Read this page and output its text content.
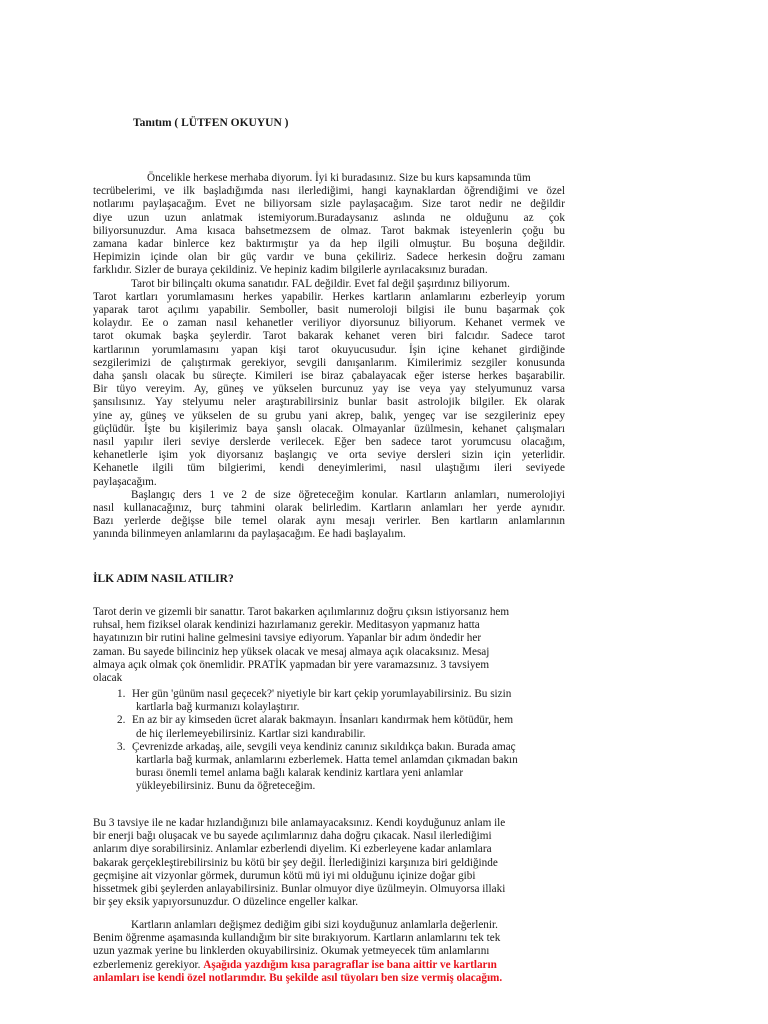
Tanıtım ( LÜTFEN OKUYUN )
Öncelikle herkese merhaba diyorum. İyi ki buradasınız. Size bu kurs kapsamında tüm
tecrübelerimi, ve ilk başladığımda nası ilerlediğimi, hangi kaynaklardan öğrendiğimi ve özel
notlarımı paylaşacağım. Evet ne biliyorsam sizle paylaşacağım. Size tarot nedir ne değildir
diye uzun uzun anlatmak istemiyorum.Buradaysanız aslında ne olduğunu az çok
biliyorsunuzdur. Ama kısaca bahsetmezsem de olmaz. Tarot bakmak isteyenlerin çoğu bu
zamana kadar binlerce kez baktırmıştır ya da hep ilgili olmuştur. Bu boşuna değildir.
Hepimizin içinde olan bir güç vardır ve buna çekiliriz. Sadece herkesin doğru zamanı
farklıdır. Sizler de buraya çekildiniz. Ve hepiniz kadim bilgilerle ayrılacaksınız buradan.
Tarot bir bilinçaltı okuma sanatıdır. FAL değildir. Evet fal değil şaşırdınız biliyorum.
Tarot kartları yorumlamasını herkes yapabilir. Herkes kartların anlamlarını ezberleyip yorum
yaparak tarot açılımı yapabilir. Semboller, basit numeroloji bilgisi ile bunu başarmak çok
kolaydır. Ee o zaman nasıl kehanetler veriliyor diyorsunuz biliyorum. Kehanet vermek ve
tarot okumak başka şeylerdir. Tarot bakarak kehanet veren biri falcıdır. Sadece tarot
kartlarının yorumlamasını yapan kişi tarot okuyucusudur. İşin içine kehanet girdiğinde
sezgilerimizi de çalıştırmak gerekiyor, sevgili danışanlarım. Kimilerimiz sezgiler konusunda
daha şanslı olacak bu süreçte. Kimileri ise biraz çabalayacak eğer isterse herkes başarabilir.
Bir tüyo vereyim. Ay, güneş ve yükselen burcunuz yay ise veya yay stelyumunuz varsa
şansılısınız. Yay stelyumu neler araştırabilirsiniz bunlar basit astrolojik bilgiler. Ek olarak
yine ay, güneş ve yükselen de su grubu yani akrep, balık, yengeç var ise sezgileriniz epey
güçlüdür. İşte bu kişilerimiz baya şanslı olacak. Olmayanlar üzülmesin, kehanet çalışmaları
nasıl yapılır ileri seviye derslerde verilecek. Eğer ben sadece tarot yorumcusu olacağım,
kehanetlerle işim yok diyorsanız başlangıç ve orta seviye dersleri sizin için yeterlidir.
Kehanetle ilgili tüm bilgierimi, kendi deneyimlerimi, nasıl ulaştığımı ileri seviyede
paylaşacağım.
Başlangıç ders 1 ve 2 de size öğreteceğim konular. Kartların anlamları, numerolojiyi
nasıl kullanacağınız, burç tahmini olarak belirledim. Kartların anlamları her yerde aynıdır.
Bazı yerlerde değişse bile temel olarak aynı mesajı verirler. Ben kartların anlamlarının
yanında bilinmeyen anlamlarını da paylaşacağım. Ee hadi başlayalım.
İLK ADIM NASIL ATILIR?
Tarot derin ve gizemli bir sanattır. Tarot bakarken açılımlarınız doğru çıksın istiyorsanız hem
ruhsal, hem fiziksel olarak kendinizi hazırlamanız gerekir. Meditasyon yapmanız hatta
hayatınızın bir rutini haline gelmesini tavsiye ediyorum. Yapanlar bir adım öndedir her
zaman. Bu sayede bilinciniz hep yüksek olacak ve mesaj almaya açık olacaksınız. Mesaj
almaya açık olmak çok önemlidir. PRATİK yapmadan bir yere varamazsınız. 3 tavsiyem
olacak
1. Her gün 'günüm nasıl geçecek?' niyetiyle bir kart çekip yorumlayabilirsiniz. Bu sizin
kartlarla bağ kurmanızı kolaylaştırır.
2. En az bir ay kimseden ücret alarak bakmayın. İnsanları kandırmak hem kötüdür, hem
de hiç ilerlemeyebilirsiniz. Kartlar sizi kandırabilir.
3. Çevrenizde arkadaş, aile, sevgili veya kendiniz canınız sıkıldıkça bakın. Burada amaç
kartlarla bağ kurmak, anlamlarını ezberlemek. Hatta temel anlamdan çıkmadan bakın
burası önemli temel anlama bağlı kalarak kendiniz kartlara yeni anlamlar
yükleyebilirsiniz. Bunu da öğreteceğim.
Bu 3 tavsiye ile ne kadar hızlandığınızı bile anlamayacaksınız. Kendi koyduğunuz anlam ile
bir enerji bağı oluşacak ve bu sayede açılımlarınız daha doğru çıkacak. Nasıl ilerlediğimi
anlarım diye sorabilirsiniz. Anlamlar ezberlendi diyelim. Ki ezberleyene kadar anlamlara
bakarak gerçekleştirebilirsiniz bu kötü bir şey değil. İlerlediğinizi karşınıza biri geldiğinde
geçmişine ait vizyonlar görmek, durumun kötü mü iyi mi olduğunu içinize doğar gibi
hissetmek gibi şeylerden anlayabilirsiniz. Bunlar olmuyor diye üzülmeyin. Olmuyorsa illaki
bir şey eksik yapıyorsunuzdur. O düzelince engeller kalkar.
Kartların anlamları değişmez dediğim gibi sizi koyduğunuz anlamlarla değerlenir.
Benim öğrenme aşamasında kullandığım bir site bırakıyorum. Kartların anlamlarını tek tek
uzun yazmak yerine bu linklerden okuyabilirsiniz. Okumak yetmeyecek tüm anlamlarını
ezberlemeniz gerekiyor. Aşağıda yazdığım kısa paragraflar ise bana aittir ve kartların
anlamları ise kendi özel notlarımdır. Bu şekilde asıl tüyoları ben size vermiş olacağım.
